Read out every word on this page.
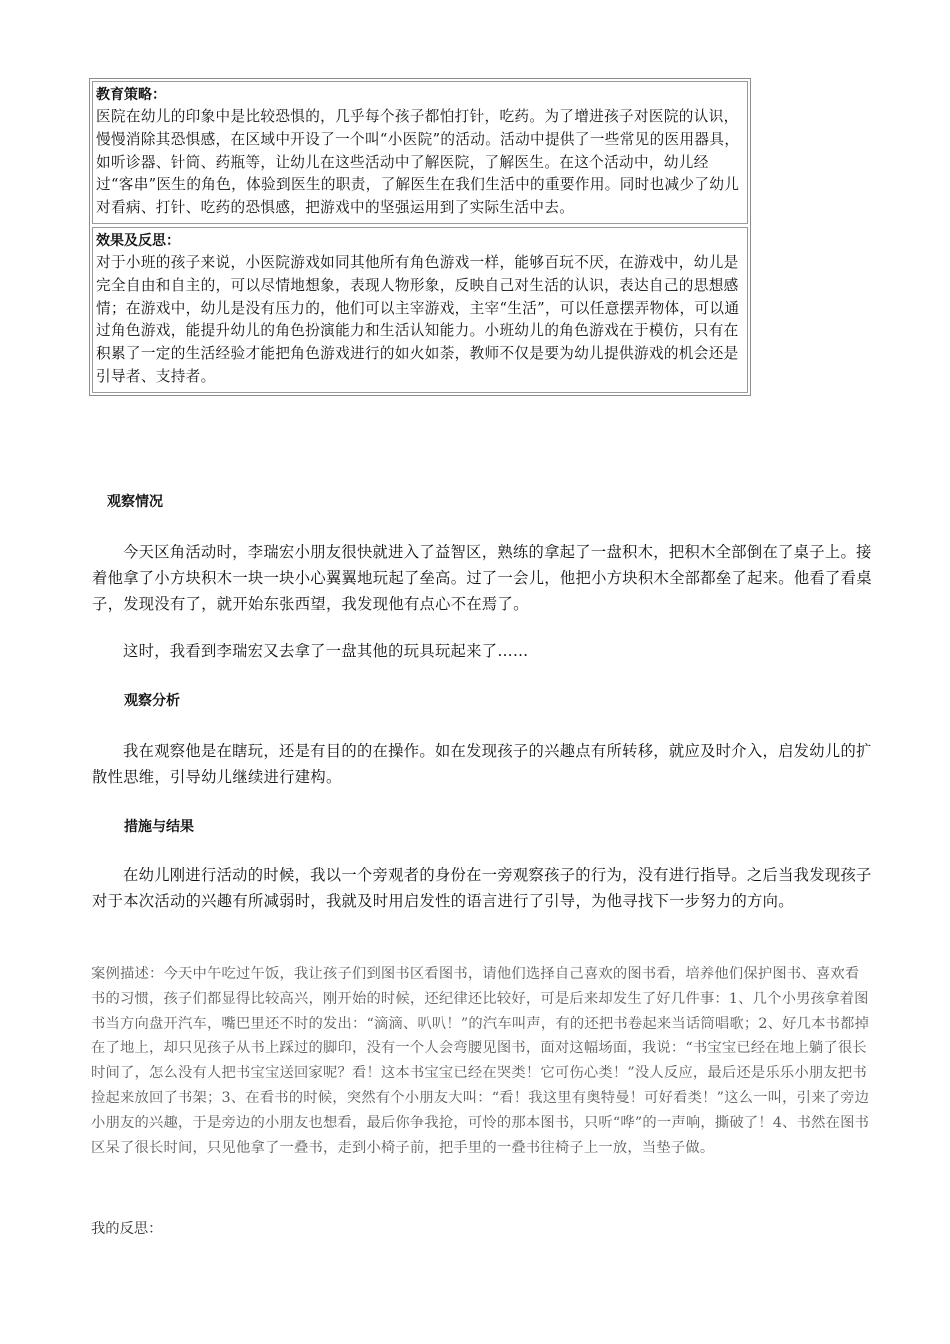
教育策略：

医院在幼儿的印象中是比较恐惧的，几乎每个孩子都怕打针，吃药。为了增进孩子对医院的认识，慢慢消除其恐惧感，在区域中开设了一个叫“小医院”的活动。活动中提供了一些常见的医用器具，如听诊器、针筒、药瓶等，让幼儿在这些活动中了解医院，了解医生。在这个活动中，幼儿经过“客串”医生的角色，体验到医生的职责，了解医生在我们生活中的重要作用。同时也减少了幼儿对看病、打针、吃药的恐惧感，把游戏中的坚强运用到了实际生活中去。

效果及反思：

对于小班的孩子来说，小医院游戏如同其他所有角色游戏一样，能够百玩不厌，在游戏中，幼儿是完全自由和自主的，可以尽情地想象，表现人物形象，反映自己对生活的认识，表达自己的思想感情；在游戏中，幼儿是没有压力的，他们可以主宰游戏，主宰“生活”，可以任意摆弄物体，可以通过角色游戏，能提升幼儿的角色扮演能力和生活认知能力。小班幼儿的角色游戏在于模仿，只有在积累了一定的生活经验才能把角色游戏进行的如火如荼，教师不仅是要为幼儿提供游戏的机会还是引导者、支持者。

观察情况

今天区角活动时，李瑞宏小朋友很快就进入了益智区，熟练的拿起了一盘积木，把积木全部倒在了桌子上。接着他拿了小方块积木一块一块小心翼翼地玩起了垒高。过了一会儿，他把小方块积木全部都垒了起来。他看了看桌子，发现没有了，就开始东张西望，我发现他有点心不在焉了。

这时，我看到李瑞宏又去拿了一盘其他的玩具玩起来了……

观察分析

我在观察他是在瞎玩，还是有目的的在操作。如在发现孩子的兴趣点有所转移，就应及时介入，启发幼儿的扩散性思维，引导幼儿继续进行建构。

措施与结果

在幼儿刚进行活动的时候，我以一个旁观者的身份在一旁观察孩子的行为，没有进行指导。之后当我发现孩子对于本次活动的兴趣有所减弱时，我就及时用启发性的语言进行了引导，为他寻找下一步努力的方向。

案例描述：今天中午吃过午饭，我让孩子们到图书区看图书，请他们选择自己喜欢的图书看，培养他们保护图书、喜欢看书的习惯，孩子们都显得比较高兴，刚开始的时候，还纪律还比较好，可是后来却发生了好几件事：1、几个小男孩拿着图书当方向盘开汽车，嘴巴里还不时的发出：“滴滴、叭叭！”的汽车叫声，有的还把书卷起来当话筒唱歌；2、好几本书都掉在了地上，却只见孩子从书上踩过的脚印，没有一个人会弯腰见图书，面对这幅场面，我说：“书宝宝已经在地上躺了很长时间了，怎么没有人把书宝宝送回家呢？看！这本书宝宝已经在哭类！它可伤心类！”没人反应，最后还是乐乐小朋友把书捡起来放回了书架；3、在看书的时候，突然有个小朋友大叫：“看！我这里有奥特曼！可好看类！”这么一叫，引来了旁边小朋友的兴趣，于是旁边的小朋友也想看，最后你争我抢，可怜的那本图书，只听“哗”的一声响，撕破了！4、书然在图书区呆了很长时间，只见他拿了一叠书，走到小椅子前，把手里的一叠书往椅子上一放，当垫子做。

我的反思：
